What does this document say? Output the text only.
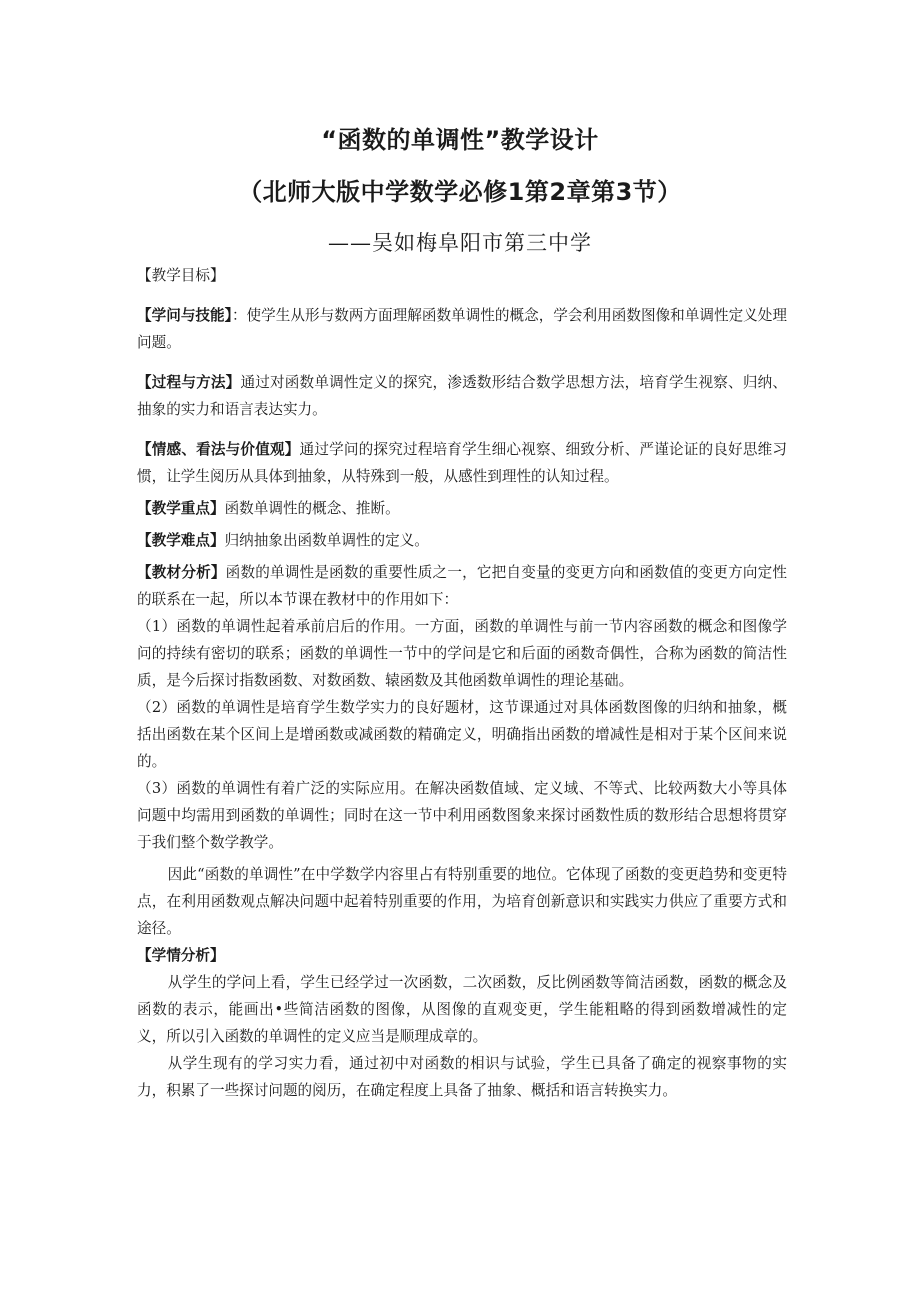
“函数的单调性”教学设计
（北师大版中学数学必修1第2章第3节）
——吴如梅阜阳市第三中学

【教学目标】

【学问与技能】：使学生从形与数两方面理解函数单调性的概念，学会利用函数图像和单调性定义处理问题。

【过程与方法】通过对函数单调性定义的探究，渗透数形结合数学思想方法，培育学生视察、归纳、抽象的实力和语言表达实力。

【情感、看法与价值观】通过学问的探究过程培育学生细心视察、细致分析、严谨论证的良好思维习惯，让学生阅历从具体到抽象，从特殊到一般，从感性到理性的认知过程。

【教学重点】函数单调性的概念、推断。

【教学难点】归纳抽象出函数单调性的定义。

【教材分析】函数的单调性是函数的重要性质之一，它把自变量的变更方向和函数值的变更方向定性的联系在一起，所以本节课在教材中的作用如下：

（1）函数的单调性起着承前启后的作用。一方面，函数的单调性与前一节内容函数的概念和图像学问的持续有密切的联系；函数的单调性一节中的学问是它和后面的函数奇偶性，合称为函数的简洁性质，是今后探讨指数函数、对数函数、辕函数及其他函数单调性的理论基础。

（2）函数的单调性是培育学生数学实力的良好题材，这节课通过对具体函数图像的归纳和抽象，概括出函数在某个区间上是增函数或减函数的精确定义，明确指出函数的增减性是相对于某个区间来说的。

（3）函数的单调性有着广泛的实际应用。在解决函数值域、定义域、不等式、比较两数大小等具体问题中均需用到函数的单调性；同时在这一节中利用函数图象来探讨函数性质的数形结合思想将贯穿于我们整个数学教学。

因此“函数的单调性”在中学数学内容里占有特别重要的地位。它体现了函数的变更趋势和变更特点，在利用函数观点解决问题中起着特别重要的作用，为培育创新意识和实践实力供应了重要方式和途径。

【学情分析】

从学生的学问上看，学生已经学过一次函数，二次函数，反比例函数等简洁函数，函数的概念及函数的表示，能画出•些简洁函数的图像，从图像的直观变更，学生能粗略的得到函数增减性的定义，所以引入函数的单调性的定义应当是顺理成章的。

从学生现有的学习实力看，通过初中对函数的相识与试验，学生已具备了确定的视察事物的实力，积累了一些探讨问题的阅历，在确定程度上具备了抽象、概括和语言转换实力。
